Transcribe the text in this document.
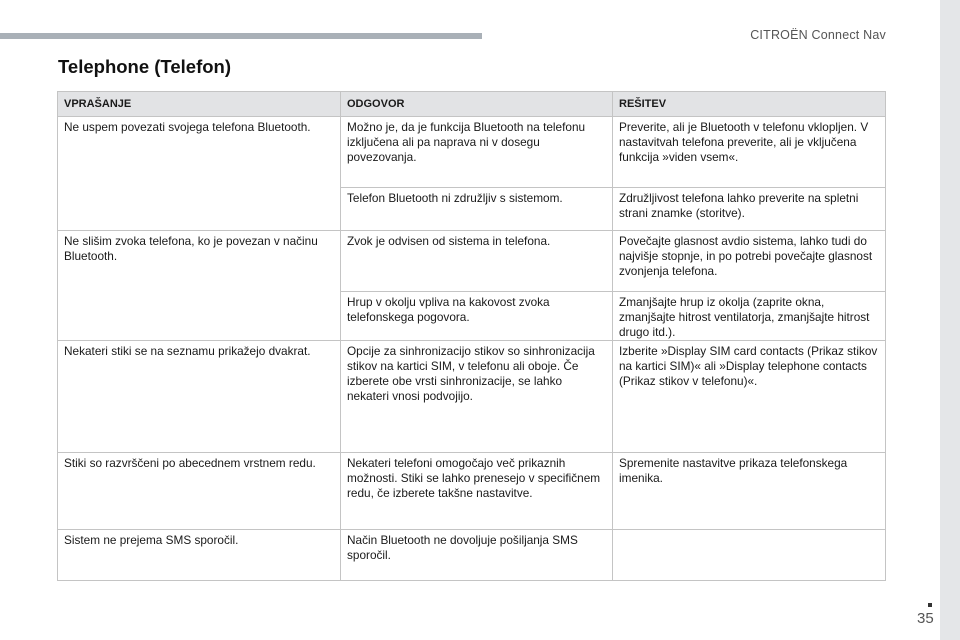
CITROËN Connect Nav
Telephone (Telefon)
VPRAŠANJE	ODGOVOR	REŠITEV
Ne uspem povezati svojega telefona Bluetooth.	Možno je, da je funkcija Bluetooth na telefonu izključena ali pa naprava ni v dosegu povezovanja.	Preverite, ali je Bluetooth v telefonu vklopljen. V nastavitvah telefona preverite, ali je vključena funkcija »viden vsem«.
	Telefon Bluetooth ni združljiv s sistemom.	Združljivost telefona lahko preverite na spletni strani znamke (storitve).
Ne slišim zvoka telefona, ko je povezan v načinu Bluetooth.	Zvok je odvisen od sistema in telefona.	Povečajte glasnost avdio sistema, lahko tudi do najvišje stopnje, in po potrebi povečajte glasnost zvonjenja telefona.
	Hrup v okolju vpliva na kakovost zvoka telefonskega pogovora.	Zmanjšajte hrup iz okolja (zaprite okna, zmanjšajte hitrost ventilatorja, zmanjšajte hitrost drugo itd.).
Nekateri stiki se na seznamu prikažejo dvakrat.	Opcije za sinhronizacijo stikov so sinhronizacija stikov na kartici SIM, v telefonu ali oboje. Če izberete obe vrsti sinhronizacije, se lahko nekateri vnosi podvojijo.	Izberite »Display SIM card contacts (Prikaz stikov na kartici SIM)« ali »Display telephone contacts (Prikaz stikov v telefonu)«.
Stiki so razvrščeni po abecednem vrstnem redu.	Nekateri telefoni omogočajo več prikaznih možnosti. Stiki se lahko prenesejo v specifičnem redu, če izberete takšne nastavitve.	Spremenite nastavitve prikaza telefonskega imenika.
Sistem ne prejema SMS sporočil.	Način Bluetooth ne dovoljuje pošiljanja SMS sporočil.	
35
